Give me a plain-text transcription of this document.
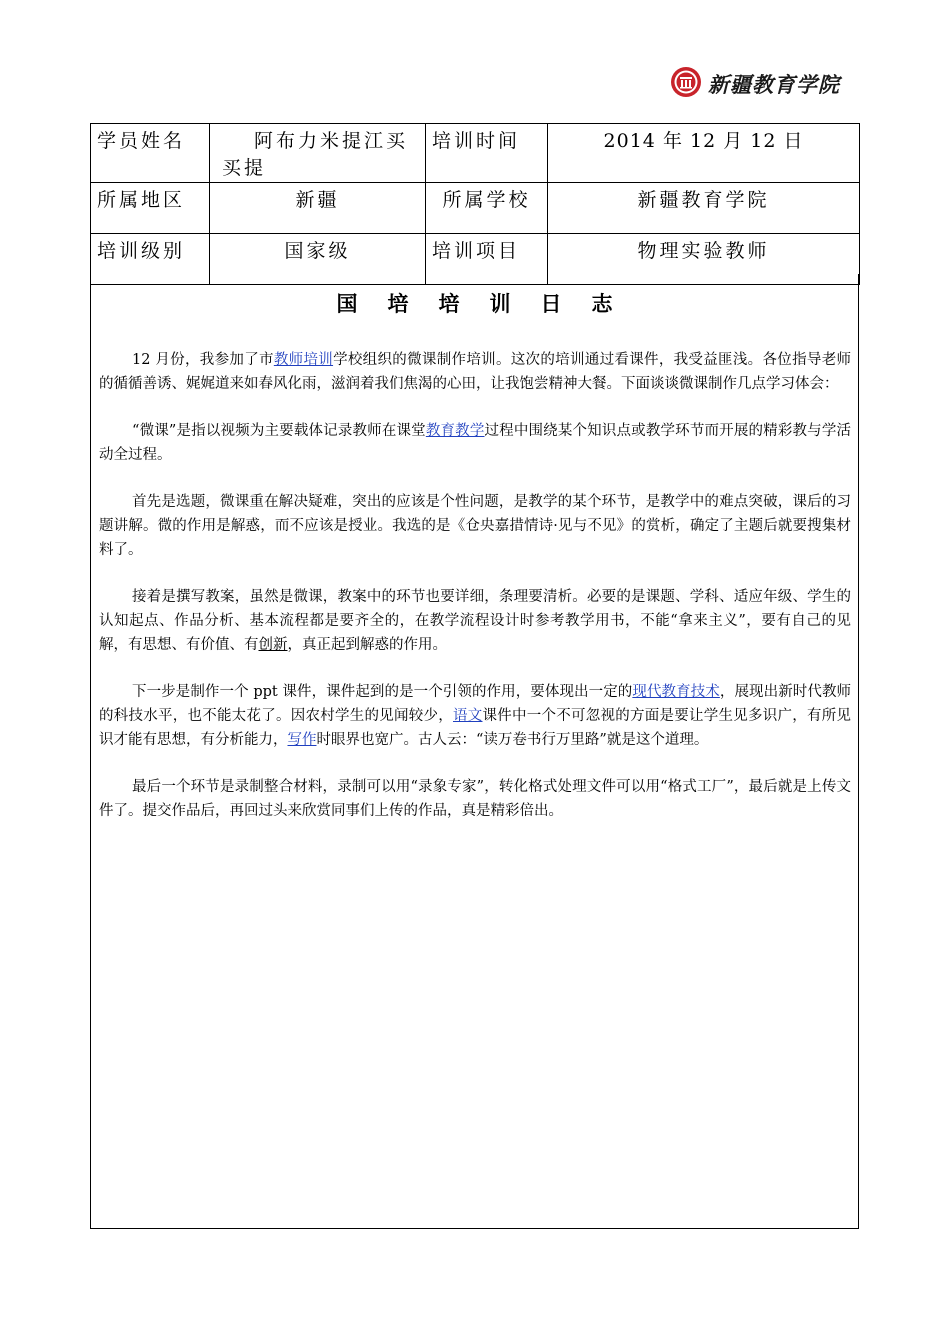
新疆教育学院
学员姓名	阿布力米提江买买提	培训时间	2014 年 12 月 12 日
所属地区	新疆	所属学校	新疆教育学院
培训级别	国家级	培训项目	物理实验教师
国培培训日志

12 月份，我参加了市教师培训学校组织的微课制作培训。这次的培训通过看课件，我受益匪浅。各位指导老师的循循善诱、娓娓道来如春风化雨，滋润着我们焦渴的心田，让我饱尝精神大餐。下面谈谈微课制作几点学习体会：

“微课”是指以视频为主要载体记录教师在课堂教育教学过程中围绕某个知识点或教学环节而开展的精彩教与学活动全过程。

首先是选题，微课重在解决疑难，突出的应该是个性问题，是教学的某个环节，是教学中的难点突破，课后的习题讲解。微的作用是解惑，而不应该是授业。我选的是《仓央嘉措情诗·见与不见》的赏析，确定了主题后就要搜集材料了。

接着是撰写教案，虽然是微课，教案中的环节也要详细，条理要清析。必要的是课题、学科、适应年级、学生的认知起点、作品分析、基本流程都是要齐全的，在教学流程设计时参考教学用书，不能“拿来主义”，要有自己的见解，有思想、有价值、有创新，真正起到解惑的作用。

下一步是制作一个 ppt 课件，课件起到的是一个引领的作用，要体现出一定的现代教育技术，展现出新时代教师的科技水平，也不能太花了。因农村学生的见闻较少，语文课件中一个不可忽视的方面是要让学生见多识广，有所见识才能有思想，有分析能力，写作时眼界也宽广。古人云：“读万卷书行万里路”就是这个道理。

最后一个环节是录制整合材料，录制可以用“录象专家”，转化格式处理文件可以用“格式工厂”，最后就是上传文件了。提交作品后，再回过头来欣赏同事们上传的作品，真是精彩倍出。
